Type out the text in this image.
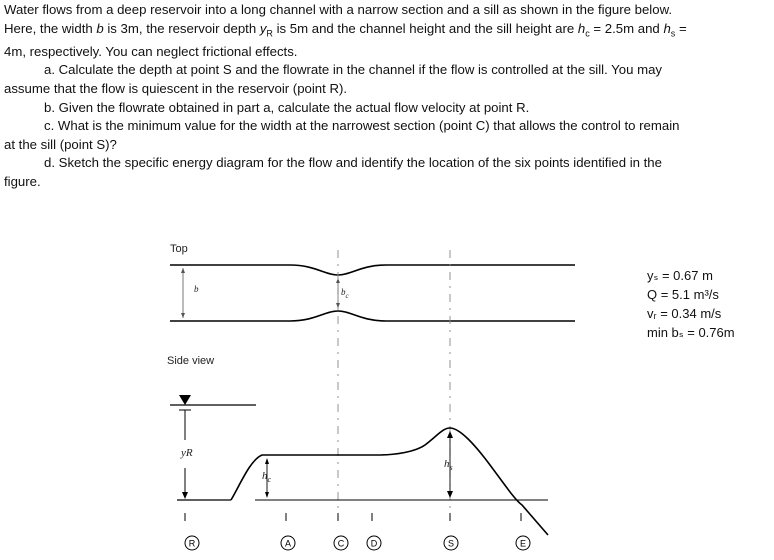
Water flows from a deep reservoir into a long channel with a narrow section and a sill as shown in the figure below.
Here, the width b is 3m, the reservoir depth $y_R$ is 5m and the channel height and the sill height are $h_c = 2.5m$ and $h_s$ =
4m, respectively. You can neglect frictional effects.
a. Calculate the depth at point S and the flowrate in the channel if the flow is controlled at the sill. You may
assume that the flow is quiescent in the reservoir (point R).
b. Given the flowrate obtained in part a, calculate the actual flow velocity at point R.
c. What is the minimum value for the width at the narrowest section (point C) that allows the control to remain
at the sill (point S)?
d. Sketch the specific energy diagram for the flow and identify the location of the six points identified in the
figure.
R	A	C	D	S	E
Top
Side view
b	$b_c$
yR
$h_c$
$h_s$
yₛ = 0.67 m
Q = 5.1 m³/s
vᵣ = 0.34 m/s
min bₛ = 0.76m
